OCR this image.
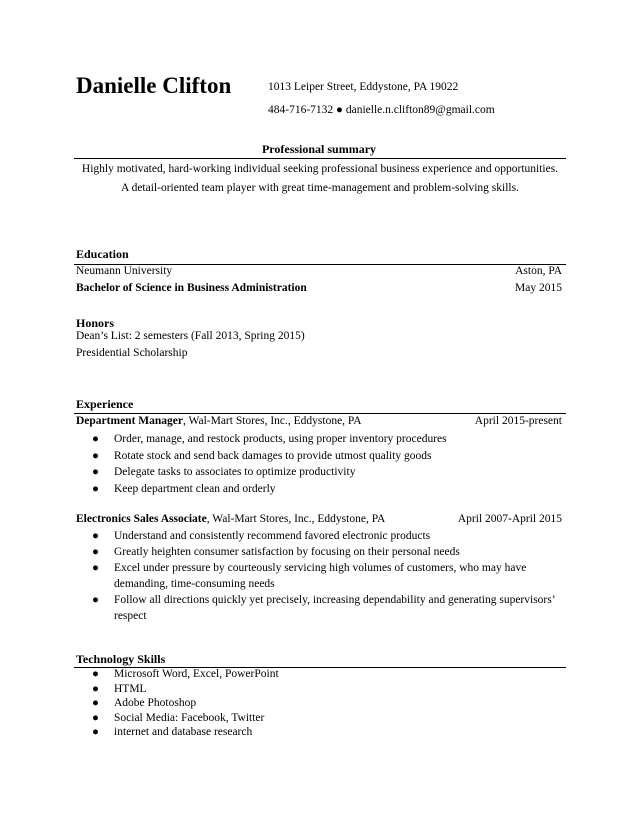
Danielle Clifton	1013 Leiper Street, Eddystone, PA 19022
484-716-7132 ● danielle.n.clifton89@gmail.com
Professional summary
Highly motivated, hard-working individual seeking professional business experience and opportunities. A detail-oriented team player with great time-management and problem-solving skills.
Education
Neumann University	Aston, PA
Bachelor of Science in Business Administration	May 2015
Honors
Dean’s List: 2 semesters (Fall 2013, Spring 2015)
Presidential Scholarship
Experience
Department Manager, Wal-Mart Stores, Inc., Eddystone, PA	April 2015-present
● Order, manage, and restock products, using proper inventory procedures
● Rotate stock and send back damages to provide utmost quality goods
● Delegate tasks to associates to optimize productivity
● Keep department clean and orderly
Electronics Sales Associate, Wal-Mart Stores, Inc., Eddystone, PA	April 2007-April 2015
● Understand and consistently recommend favored electronic products
● Greatly heighten consumer satisfaction by focusing on their personal needs
● Excel under pressure by courteously servicing high volumes of customers, who may have demanding, time-consuming needs
● Follow all directions quickly yet precisely, increasing dependability and generating supervisors’ respect
Technology Skills
● Microsoft Word, Excel, PowerPoint
● HTML
● Adobe Photoshop
● Social Media: Facebook, Twitter
● internet and database research
